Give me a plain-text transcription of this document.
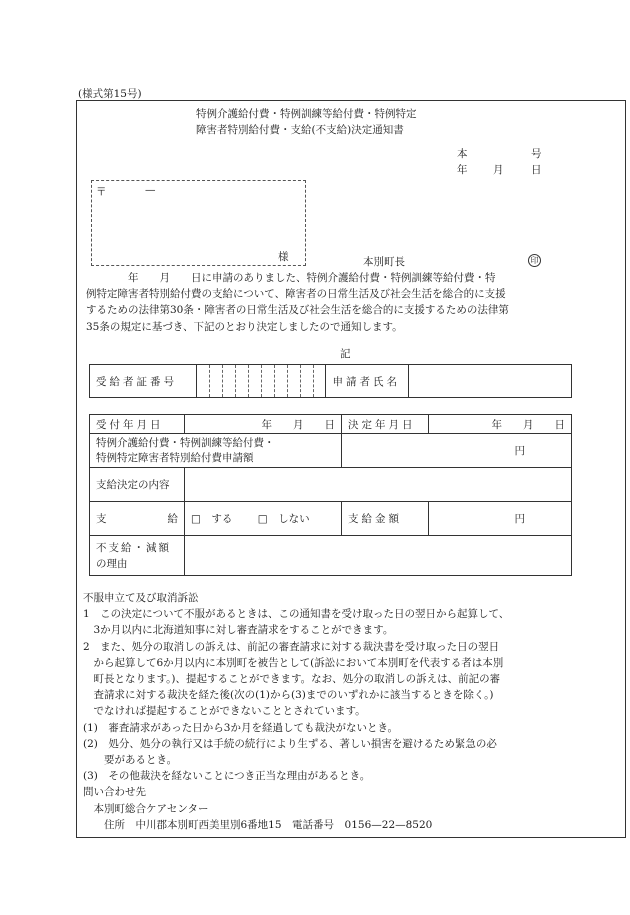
(様式第15号)
特例介護給付費・特例訓練等給付費・特例特定
障害者特別給付費・支給(不支給)決定通知書
本	号
年 月	日
〒	—
様	本別町長	印
　　　　年　　月　　日に申請のありました、特例介護給付費・特例訓練等給付費・特
例特定障害者特別給付費の支給について、障害者の日常生活及び社会生活を総合的に支援
するための法律第30条・障害者の日常生活及び社会生活を総合的に支援するための法律第
35条の規定に基づき、下記のとおり決定しましたので通知します。
記
受給者証番号											申請者氏名	
受付年月日	年　　月　　日	決定年月日	年　　月　　日

特例介護給付費・特例訓練等給付費・
特例特定障害者特別給付費申請額		円	
支給決定の内容			
支 給	□　する □　しない	支給金額	円

不支給・減額
の理由			

不服申立て及び取消訴訟
1　この決定について不服があるときは、この通知書を受け取った日の翌日から起算して、
　3か月以内に北海道知事に対し審査請求をすることができます。
2　また、処分の取消しの訴えは、前記の審査請求に対する裁決書を受け取った日の翌日
　から起算して6か月以内に本別町を被告として(訴訟において本別町を代表する者は本別
　町長となります。)、提起することができます。なお、処分の取消しの訴えは、前記の審
　査請求に対する裁決を経た後(次の(1)から(3)までのいずれかに該当するときを除く。)
　でなければ提起することができないこととされています。
(1)　審査請求があった日から3か月を経過しても裁決がないとき。
(2)　処分、処分の執行又は手続の続行により生ずる、著しい損害を避けるため緊急の必
　　要があるとき。
(3)　その他裁決を経ないことにつき正当な理由があるとき。
問い合わせ先
　本別町総合ケアセンター
　　住所　中川郡本別町西美里別6番地15　電話番号　0156—22—8520
